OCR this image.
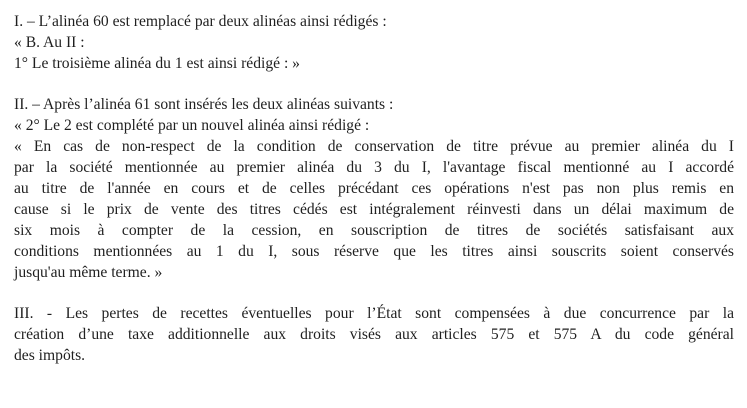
I. – L’alinéa 60 est remplacé par deux alinéas ainsi rédigés :
« B. Au II :
1° Le troisième alinéa du 1 est ainsi rédigé : »
II. – Après l’alinéa 61 sont insérés les deux alinéas suivants :
« 2° Le 2 est complété par un nouvel alinéa ainsi rédigé :
« En cas de non-respect de la condition de conservation de titre prévue au premier alinéa du I
par la société mentionnée au premier alinéa du 3 du I, l'avantage fiscal mentionné au I accordé
au titre de l'année en cours et de celles précédant ces opérations n'est pas non plus remis en
cause si le prix de vente des titres cédés est intégralement réinvesti dans un délai maximum de
six mois à compter de la cession, en souscription de titres de sociétés satisfaisant aux
conditions mentionnées au 1 du I, sous réserve que les titres ainsi souscrits soient conservés
jusqu'au même terme. »
III. - Les pertes de recettes éventuelles pour l’État sont compensées à due concurrence par la
création d’une taxe additionnelle aux droits visés aux articles 575 et 575 A du code général
des impôts.
